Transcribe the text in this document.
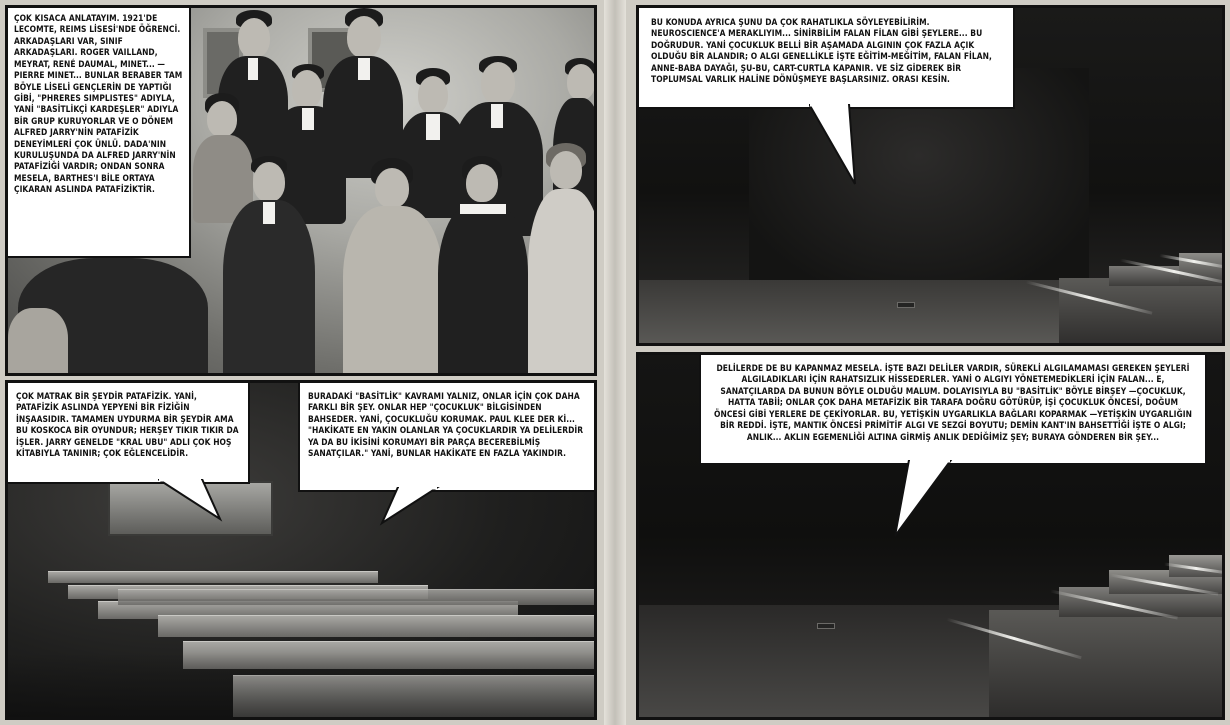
ÇOK KISACA ANLATAYIM. 1921'DE LECOMTE, REIMS LİSESİ'NDE ÖĞRENCİ. ARKADAŞLARI VAR, SINIF ARKADAŞLARI. ROGER VAILLAND, MEYRAT, RENÉ DAUMAL, MINET... —PIERRE MINET... BUNLAR BERABER TAM BÖYLE LİSELİ GENÇLERİN DE YAPTIĞI GİBİ, "PHRERES SIMPLISTES" ADIYLA, YANİ "BASİTLİKÇİ KARDEŞLER" ADIYLA BİR GRUP KURUYORLAR VE O DÖNEM ALFRED JARRY'NİN PATAFİZİK DENEYİMLERİ ÇOK ÜNLÜ. DADA'NIN KURULUŞUNDA DA ALFRED JARRY'NİN PATAFİZİĞİ VARDIR; ONDAN SONRA MESELA, BARTHES'I BİLE ORTAYA ÇIKARAN ASLINDA PATAFİZİKTİR.
ÇOK MATRAK BİR ŞEYDİR PATAFİZİK. YANİ, PATAFİZİK ASLINDA YEPYENİ BİR FİZİĞİN İNŞAASIDIR. TAMAMEN UYDURMA BİR ŞEYDİR AMA BU KOSKOCA BİR OYUNDUR; HERŞEY TIKIR TIKIR DA İŞLER. JARRY GENELDE "KRAL UBU" ADLI ÇOK HOŞ KİTABIYLA TANINIR; ÇOK EĞLENCELİDİR.
BURADAKİ "BASİTLİK" KAVRAMI YALNIZ, ONLAR İÇİN ÇOK DAHA FARKLI BİR ŞEY. ONLAR HEP "ÇOCUKLUK" BİLGİSİNDEN BAHSEDER. YANİ, ÇOCUKLUĞU KORUMAK. PAUL KLEE DER Kİ... "HAKİKATE EN YAKIN OLANLAR YA ÇOCUKLARDIR YA DELİLERDİR YA DA BU İKİSİNİ KORUMAYI BİR PARÇA BECEREBİLMİŞ SANATÇILAR." YANİ, BUNLAR HAKİKATE EN FAZLA YAKINDIR.
BU KONUDA AYRICA ŞUNU DA ÇOK RAHATLIKLA SÖYLEYEBİLİRİM. NEUROSCIENCE'A MERAKLIYIM... SİNİRBİLİM FALAN FİLAN GİBİ ŞEYLERE... BU DOĞRUDUR. YANİ ÇOCUKLUK BELLİ BİR AŞAMADA ALGININ ÇOK FAZLA AÇIK OLDUĞU BİR ALANDIR; O ALGI GENELLİKLE İŞTE EĞİTİM-MEĞİTİM, FALAN FİLAN, ANNE-BABA DAYAĞI, ŞU-BU, CART-CURTLA KAPANIR. VE SİZ GİDEREK BİR TOPLUMSAL VARLIK HALİNE DÖNÜŞMEYE BAŞLARSINIZ. ORASI KESİN.
DELİLERDE DE BU KAPANMAZ MESELA. İŞTE BAZI DELİLER VARDIR, SÜREKLİ ALGILAMAMASI GEREKEN ŞEYLERİ ALGILADIKLARI İÇİN RAHATSIZLIK HİSSEDERLER. YANİ O ALGIYI YÖNETEMEDİKLERİ İÇİN FALAN... E, SANATÇILARDA DA BUNUN BÖYLE OLDUĞU MALUM. DOLAYISIYLA BU "BASİTLİK" BÖYLE BİRŞEY —ÇOCUKLUK, HATTA TABİİ; ONLAR ÇOK DAHA METAFİZİK BİR TARAFA DOĞRU GÖTÜRÜP, İŞİ ÇOCUKLUK ÖNCESİ, DOĞUM ÖNCESİ GİBİ YERLERE DE ÇEKİYORLAR. BU, YETİŞKİN UYGARLIKLA BAĞLARI KOPARMAK —YETİŞKİN UYGARLIĞIN BİR REDDİ. İŞTE, MANTIK ÖNCESİ PRİMİTİF ALGI VE SEZGİ BOYUTU; DEMİN KANT'IN BAHSETTİĞİ İŞTE O ALGI; ANLIK... AKLIN EGEMENLİĞİ ALTINA GİRMİŞ ANLIK DEDİĞİMİZ ŞEY; BURAYA GÖNDEREN BİR ŞEY...
